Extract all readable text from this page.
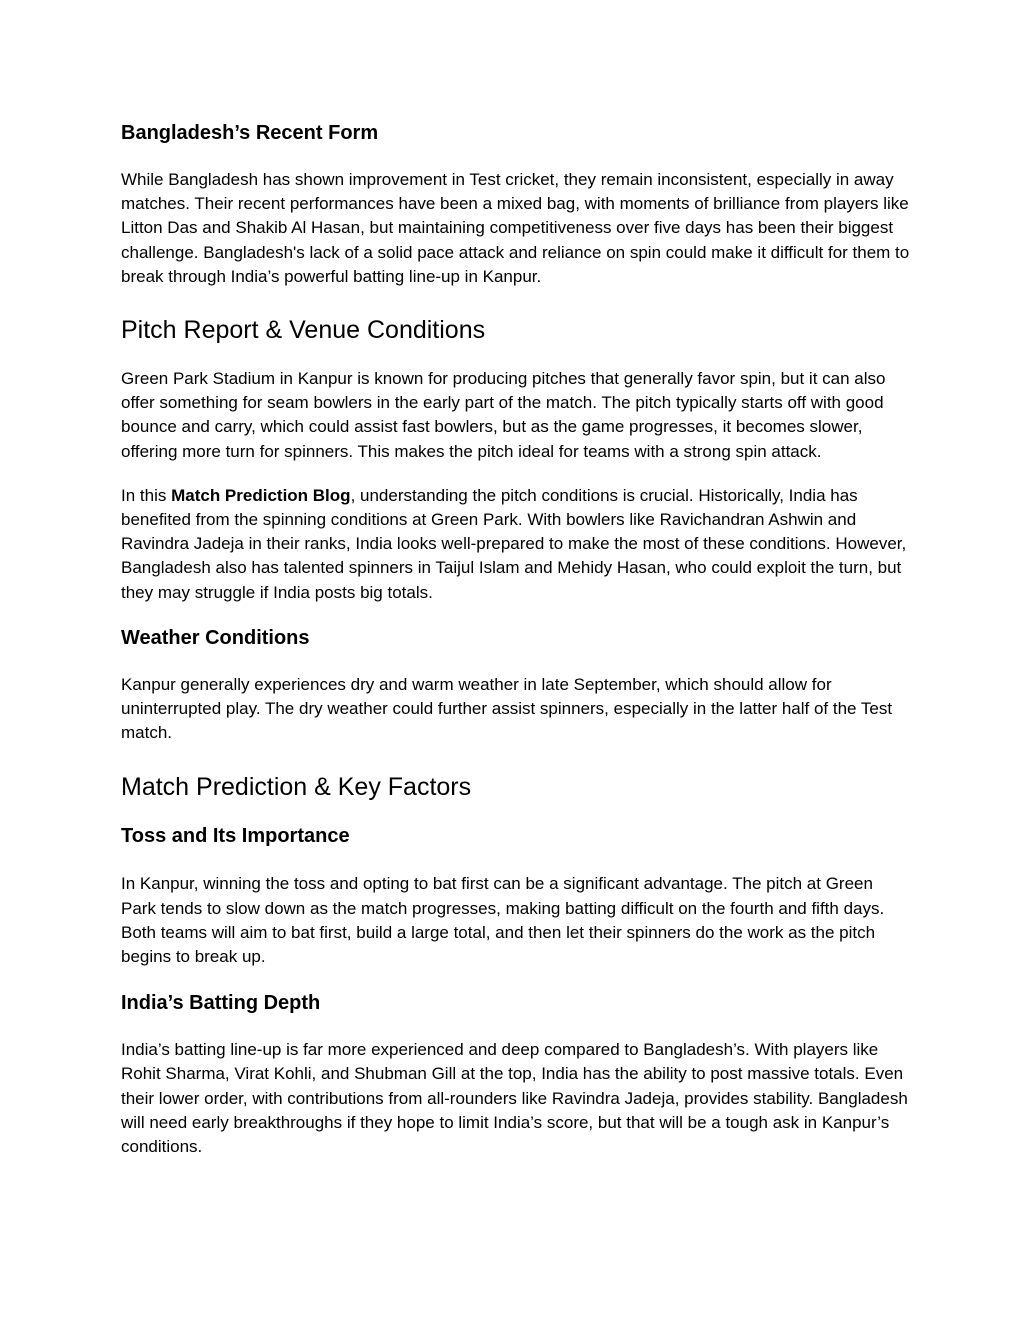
Bangladesh’s Recent Form

While Bangladesh has shown improvement in Test cricket, they remain inconsistent, especially in away matches. Their recent performances have been a mixed bag, with moments of brilliance from players like Litton Das and Shakib Al Hasan, but maintaining competitiveness over five days has been their biggest challenge. Bangladesh's lack of a solid pace attack and reliance on spin could make it difficult for them to break through India’s powerful batting line-up in Kanpur.

Pitch Report & Venue Conditions

Green Park Stadium in Kanpur is known for producing pitches that generally favor spin, but it can also offer something for seam bowlers in the early part of the match. The pitch typically starts off with good bounce and carry, which could assist fast bowlers, but as the game progresses, it becomes slower, offering more turn for spinners. This makes the pitch ideal for teams with a strong spin attack.

In this Match Prediction Blog, understanding the pitch conditions is crucial. Historically, India has benefited from the spinning conditions at Green Park. With bowlers like Ravichandran Ashwin and Ravindra Jadeja in their ranks, India looks well-prepared to make the most of these conditions. However, Bangladesh also has talented spinners in Taijul Islam and Mehidy Hasan, who could exploit the turn, but they may struggle if India posts big totals.

Weather Conditions

Kanpur generally experiences dry and warm weather in late September, which should allow for uninterrupted play. The dry weather could further assist spinners, especially in the latter half of the Test match.

Match Prediction & Key Factors
Toss and Its Importance

In Kanpur, winning the toss and opting to bat first can be a significant advantage. The pitch at Green Park tends to slow down as the match progresses, making batting difficult on the fourth and fifth days. Both teams will aim to bat first, build a large total, and then let their spinners do the work as the pitch begins to break up.

India’s Batting Depth

India’s batting line-up is far more experienced and deep compared to Bangladesh’s. With players like Rohit Sharma, Virat Kohli, and Shubman Gill at the top, India has the ability to post massive totals. Even their lower order, with contributions from all-rounders like Ravindra Jadeja, provides stability. Bangladesh will need early breakthroughs if they hope to limit India’s score, but that will be a tough ask in Kanpur’s conditions.
